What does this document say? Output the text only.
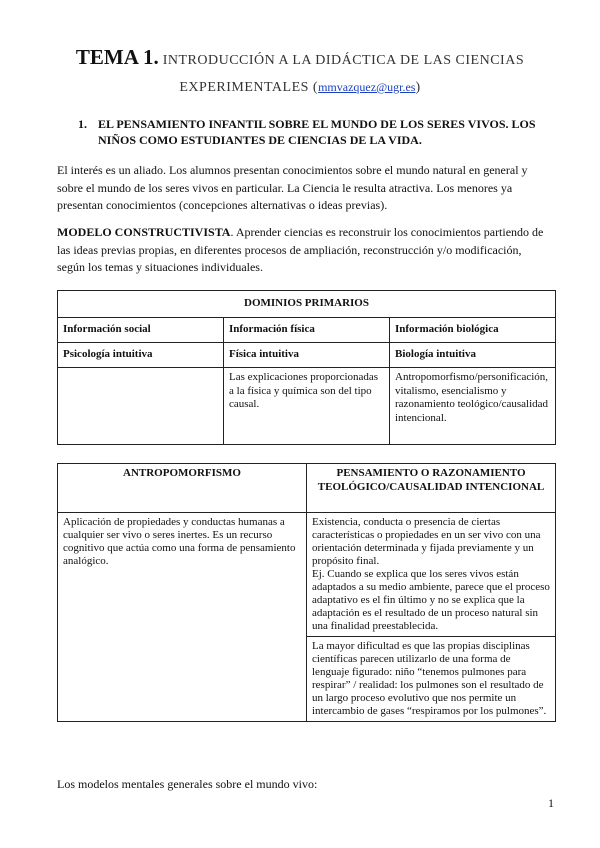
TEMA 1. INTRODUCCIÓN A LA DIDÁCTICA DE LAS CIENCIAS EXPERIMENTALES (mmvazquez@ugr.es)
1. EL PENSAMIENTO INFANTIL SOBRE EL MUNDO DE LOS SERES VIVOS. LOS NIÑOS COMO ESTUDIANTES DE CIENCIAS DE LA VIDA.
El interés es un aliado. Los alumnos presentan conocimientos sobre el mundo natural en general y sobre el mundo de los seres vivos en particular. La Ciencia le resulta atractiva. Los menores ya presentan conocimientos (concepciones alternativas o ideas previas).
MODELO CONSTRUCTIVISTA. Aprender ciencias es reconstruir los conocimientos partiendo de las ideas previas propias, en diferentes procesos de ampliación, reconstrucción y/o modificación, según los temas y situaciones individuales.
DOMINIOS PRIMARIOS		
Información social	Información física	Información biológica
Psicología intuitiva	Física intuitiva	Biología intuitiva
	Las explicaciones proporcionadas a la física y química son del tipo causal.	Antropomorfismo/personificación, vitalismo, esencialismo y razonamiento teológico/causalidad intencional.
ANTROPOMORFISMO	PENSAMIENTO O RAZONAMIENTO TEOLÓGICO/CAUSALIDAD INTENCIONAL
Aplicación de propiedades y conductas humanas a cualquier ser vivo o seres inertes. Es un recurso cognitivo que actúa como una forma de pensamiento analógico.	Existencia, conducta o presencia de ciertas características o propiedades en un ser vivo con una orientación determinada y fijada previamente y un propósito final.
Ej. Cuando se explica que los seres vivos están adaptados a su medio ambiente, parece que el proceso adaptativo es el fin último y no se explica que la adaptación es el resultado de un proceso natural sin una finalidad preestablecida.

	La mayor dificultad es que las propias disciplinas científicas parecen utilizarlo de una forma de lenguaje figurado: niño “tenemos pulmones para respirar” / realidad: los pulmones son el resultado de un largo proceso evolutivo que nos permite un intercambio de gases “respiramos por los pulmones”.
Los modelos mentales generales sobre el mundo vivo:
1
